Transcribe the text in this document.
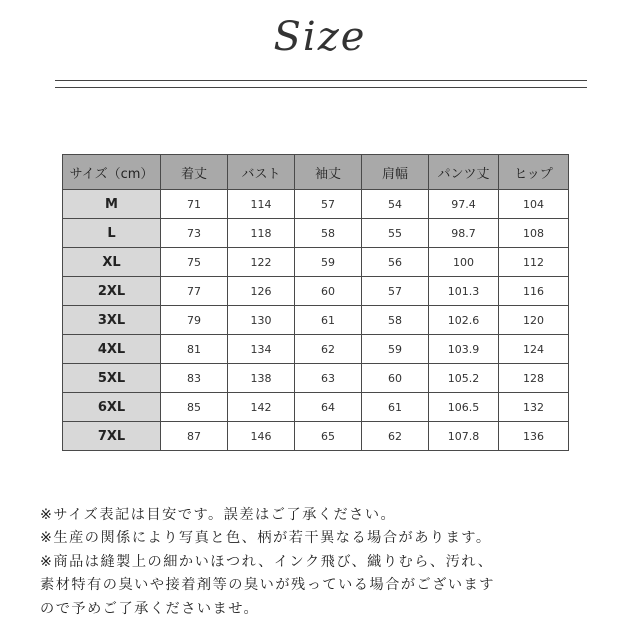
Size
サイズ（cm）	着丈	バスト	袖丈	肩幅	パンツ丈	ヒップ
M	71	114	57	54	97.4	104
L	73	118	58	55	98.7	108
XL	75	122	59	56	100	112
2XL	77	126	60	57	101.3	116
3XL	79	130	61	58	102.6	120
4XL	81	134	62	59	103.9	124
5XL	83	138	63	60	105.2	128
6XL	85	142	64	61	106.5	132
7XL	87	146	65	62	107.8	136
※サイズ表記は目安です。誤差はご了承ください。
※生産の関係により写真と色、柄が若干異なる場合があります。
※商品は縫製上の細かいほつれ、インク飛び、織りむら、汚れ、
素材特有の臭いや接着剤等の臭いが残っている場合がございます
ので予めご了承くださいませ。
